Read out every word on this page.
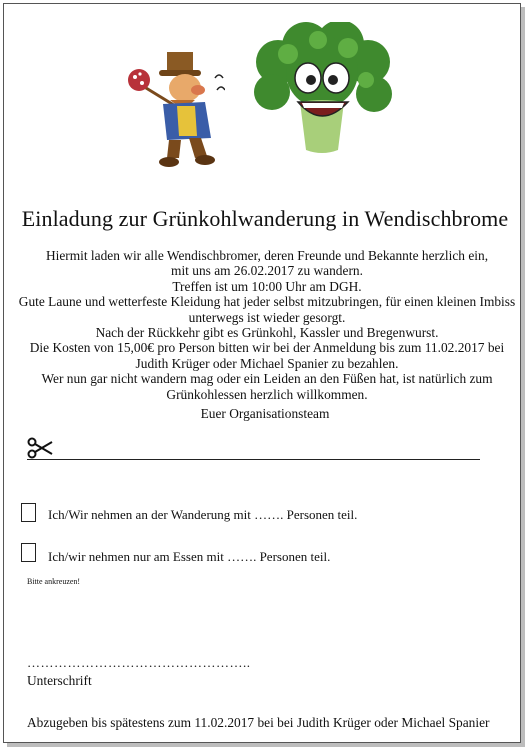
Einladung zur Grünkohlwanderung in Wendischbrome
Hiermit laden wir alle Wendischbromer, deren Freunde und Bekannte herzlich ein,
mit uns am 26.02.2017 zu wandern.
Treffen ist um 10:00 Uhr am DGH.
Gute Laune und wetterfeste Kleidung hat jeder selbst mitzubringen, für einen kleinen Imbiss
unterwegs ist wieder gesorgt.
Nach der Rückkehr gibt es Grünkohl, Kassler und Bregenwurst.
Die Kosten von 15,00€ pro Person bitten wir bei der Anmeldung bis zum 11.02.2017 bei
Judith Krüger oder Michael Spanier zu bezahlen.
Wer nun gar nicht wandern mag oder ein Leiden an den Füßen hat, ist natürlich zum
Grünkohlessen herzlich willkommen.
Euer Organisationsteam
Ich/Wir nehmen an der Wanderung mit ……. Personen teil.
Ich/wir nehmen nur am Essen mit ……. Personen teil.
Bitte ankreuzen!
…………………………………………..
Unterschrift
Abzugeben bis spätestens zum 11.02.2017 bei bei Judith Krüger oder Michael Spanier
